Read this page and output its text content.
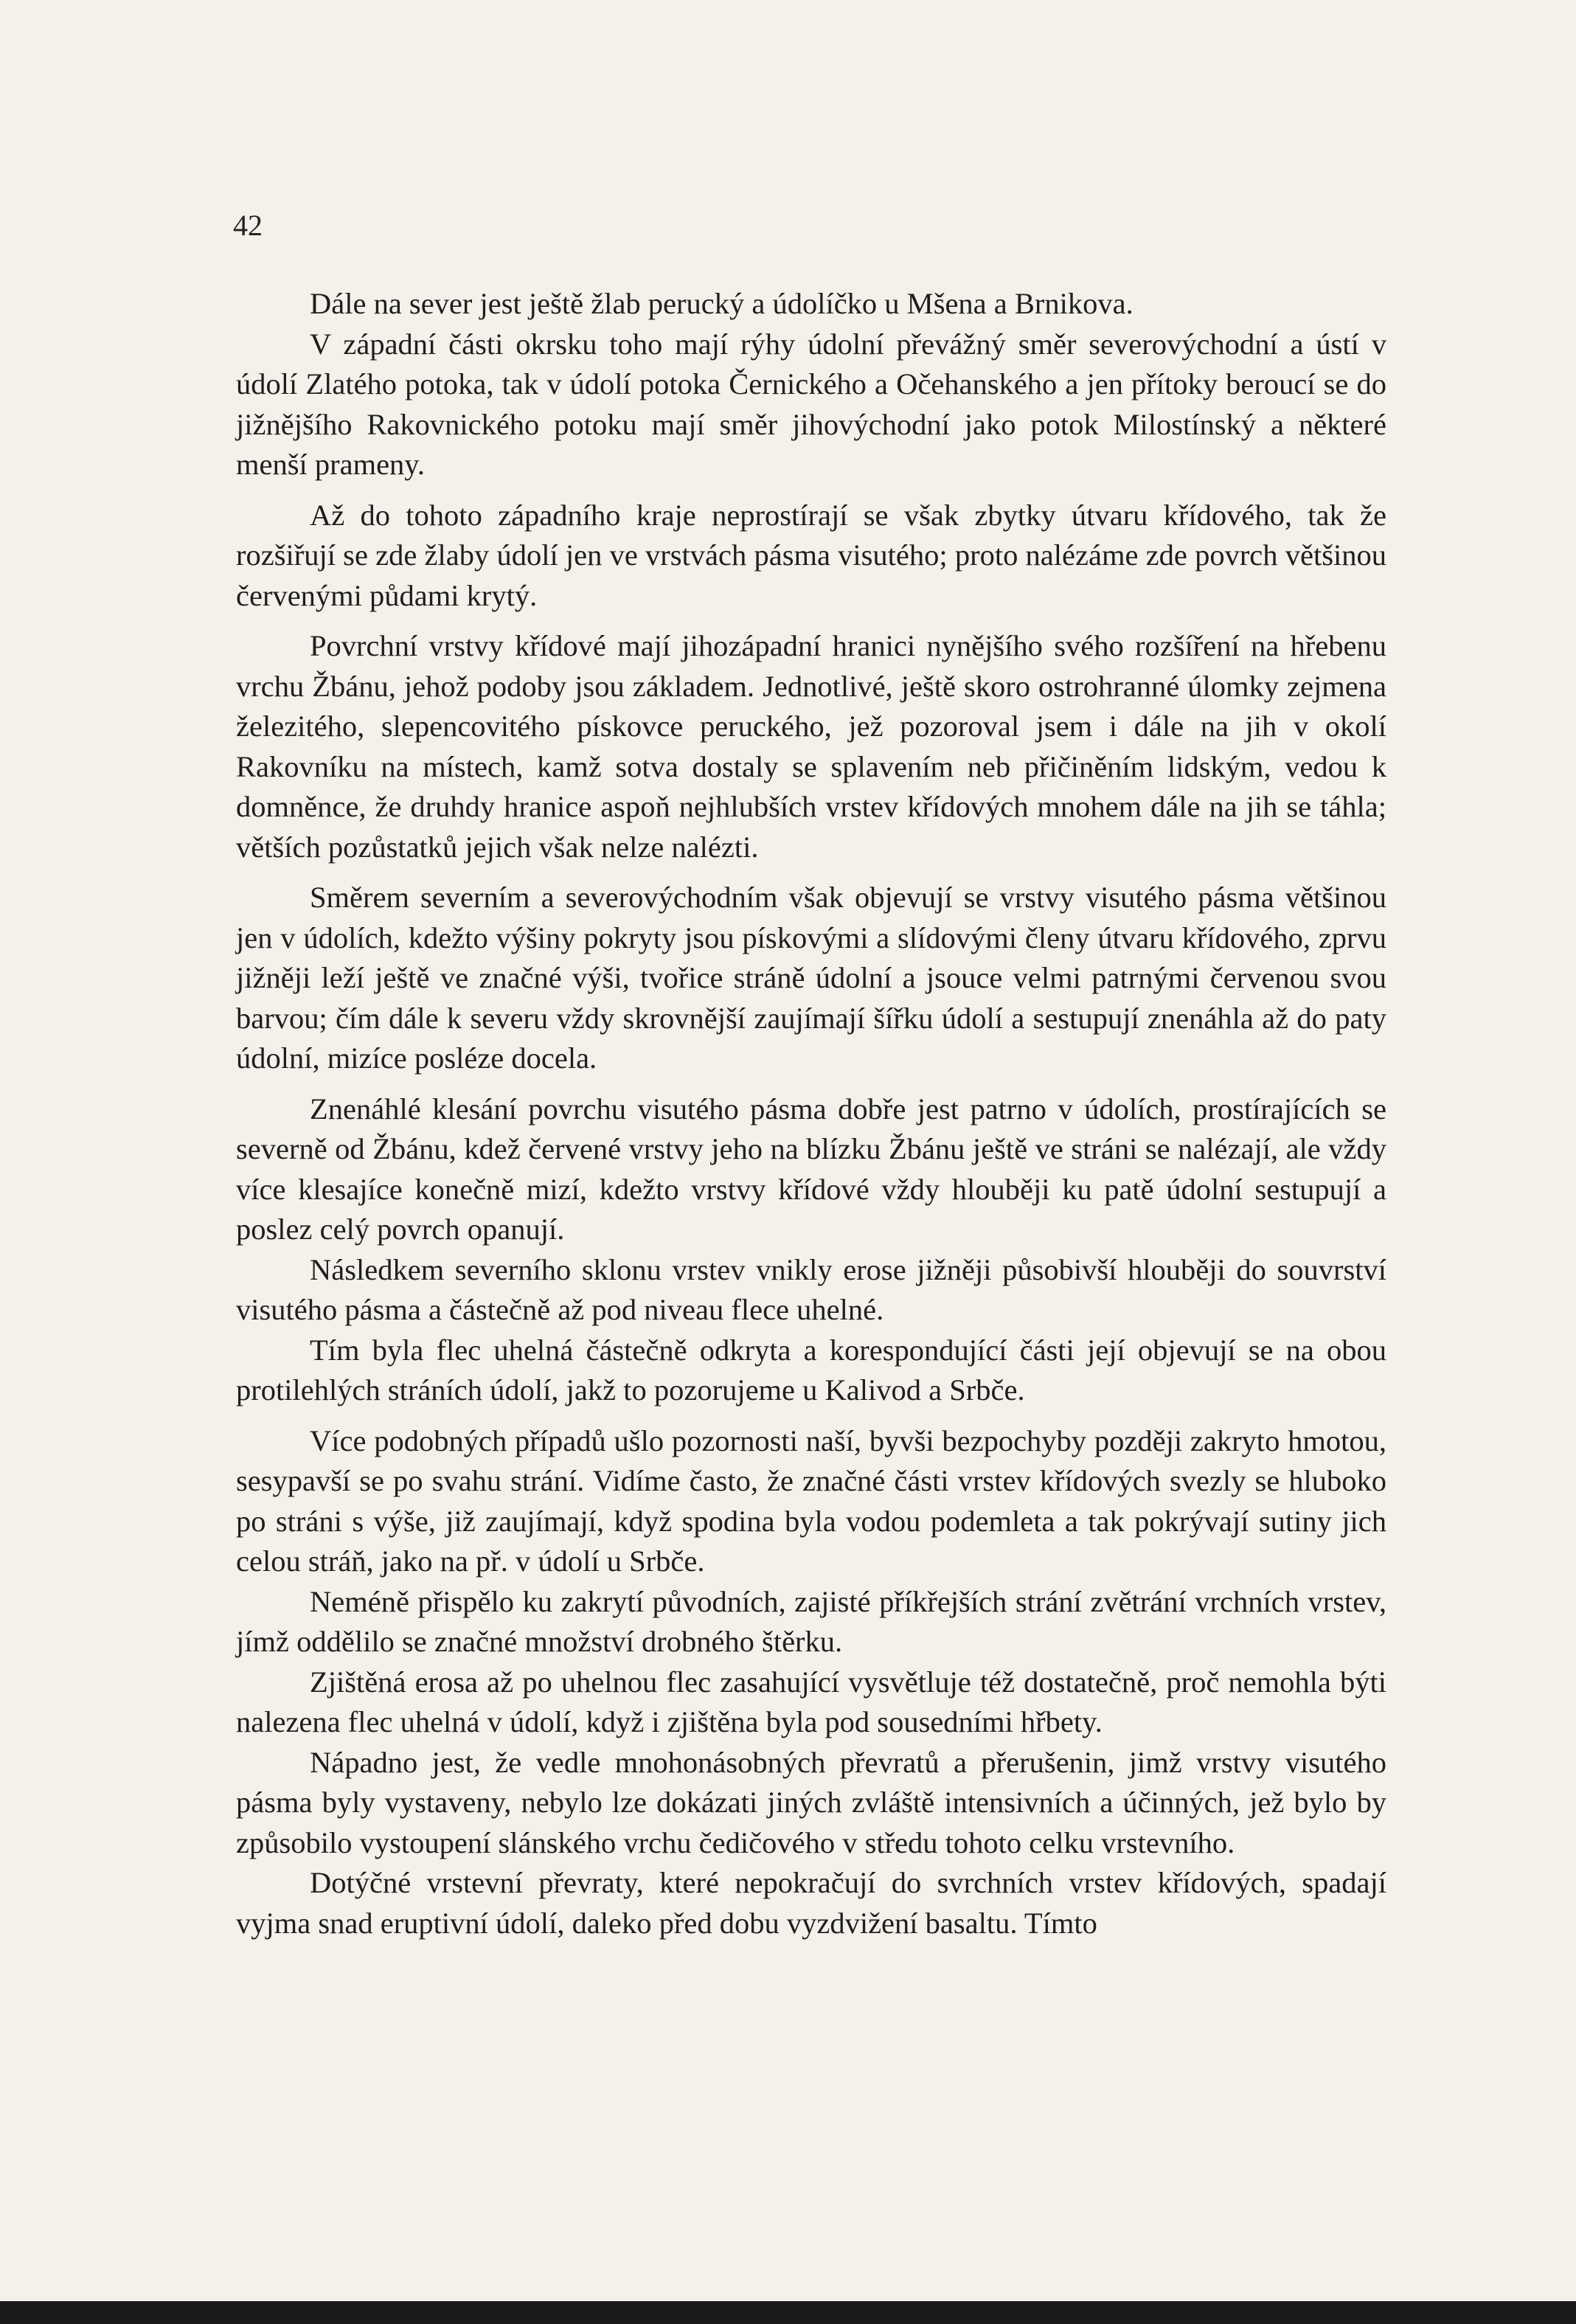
42

Dále na sever jest ještě žlab perucký a údolíčko u Mšena a Brnikova.

V západní části okrsku toho mají rýhy údolní převážný směr severovýchodní a ústí v údolí Zlatého potoka, tak v údolí potoka Černického a Očehanského a jen přítoky beroucí se do jižnějšího Rakovnického potoku mají směr jihovýchodní jako potok Milostínský a některé menší prameny.

Až do tohoto západního kraje neprostírají se však zbytky útvaru křídového, tak že rozšiřují se zde žlaby údolí jen ve vrstvách pásma visutého; proto nalézáme zde povrch většinou červenými půdami krytý.

Povrchní vrstvy křídové mají jihozápadní hranici nynějšího svého rozšíření na hřebenu vrchu Žbánu, jehož podoby jsou základem. Jednotlivé, ještě skoro ostrohranné úlomky zejmena železitého, slepencovitého pískovce peruckého, jež pozoroval jsem i dále na jih v okolí Rakovníku na místech, kamž sotva dostaly se splavením neb přičiněním lidským, vedou k domněnce, že druhdy hranice aspoň nejhlubších vrstev křídových mnohem dále na jih se táhla; větších pozůstatků jejich však nelze nalézti.

Směrem severním a severovýchodním však objevují se vrstvy visutého pásma většinou jen v údolích, kdežto výšiny pokryty jsou pískovými a slídovými členy útvaru křídového, zprvu jižněji leží ještě ve značné výši, tvořice stráně údolní a jsouce velmi patrnými červenou svou barvou; čím dále k severu vždy skrovnější zaujímají šířku údolí a sestupují znenáhla až do paty údolní, mizíce posléze docela.

Znenáhlé klesání povrchu visutého pásma dobře jest patrno v údolích, prostírajících se severně od Žbánu, kdež červené vrstvy jeho na blízku Žbánu ještě ve stráni se nalézají, ale vždy více klesajíce konečně mizí, kdežto vrstvy křídové vždy hlouběji ku patě údolní sestupují a poslez celý povrch opanují.

Následkem severního sklonu vrstev vnikly erose jižněji působivší hlouběji do souvrství visutého pásma a částečně až pod niveau flece uhelné.

Tím byla flec uhelná částečně odkryta a korespondující části její objevují se na obou protilehlých stráních údolí, jakž to pozorujeme u Kalivod a Srbče.

Více podobných případů ušlo pozornosti naší, byvši bezpochyby později zakryto hmotou, sesypavší se po svahu strání. Vidíme často, že značné části vrstev křídových svezly se hluboko po stráni s výše, již zaujímají, když spodina byla vodou podemleta a tak pokrývají sutiny jich celou stráň, jako na př. v údolí u Srbče.

Neméně přispělo ku zakrytí původních, zajisté příkřejších strání zvětrání vrchních vrstev, jímž oddělilo se značné množství drobného štěrku.

Zjištěná erosa až po uhelnou flec zasahující vysvětluje též dostatečně, proč nemohla býti nalezena flec uhelná v údolí, když i zjištěna byla pod sousedními hřbety.

Nápadno jest, že vedle mnohonásobných převratů a přerušenin, jimž vrstvy visutého pásma byly vystaveny, nebylo lze dokázati jiných zvláště intensivních a účinných, jež bylo by způsobilo vystoupení slánského vrchu čedičového v středu tohoto celku vrstevního.

Dotýčné vrstevní převraty, které nepokračují do svrchních vrstev křídových, spadají vyjma snad eruptivní údolí, daleko před dobu vyzdvižení basaltu. Tímto
